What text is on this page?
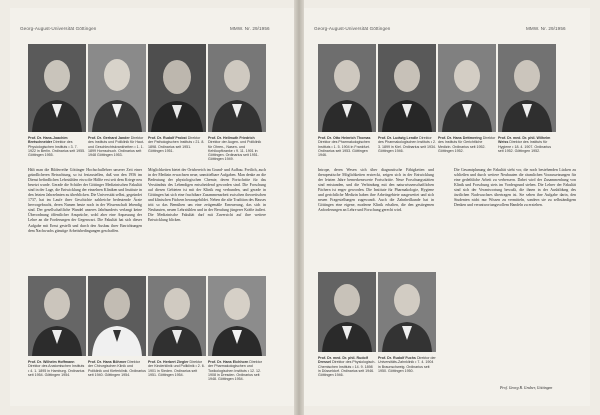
Georg-August-Universität Göttingen	MMW. Nr. 29/1956
Prof. Dr. Hans-Joachim Bretschneider Direktor des Physiologischen Instituts • 3. 7. 1922 in Berlin. Ordinarius seit 1955. Göttingen 1955.
Prof. Dr. Gerhard Jander Direktor des Instituts und Poliklinik für Haut- und Geschlechtskrankheiten • 1. 1. 1899 Hornschuch. Ordinarius seit 1948 Göttingen 1953.
Prof. Dr. Rudolf Probst Direktor der Pathologischen Instituts • 21. 8. 1898. Ordinarius seit 1951. Göttingen 1951.
Prof. Dr. Hellmuth Friedrich Direktor der Augen- und Poliklinik für Ohren-, Nasen- und Kehlkopfkranke • 9. 11. 1901 in Göttingen. Ordinarius seit 1951. Göttingen 1949.

Hält man die Bilderreihe Göttinger Hochschullehrer unserer Zeit einer gründlicheren Betrachtung, so ist festzustellen, daß von den 1956 im Dienst befindlichen Lehrstühlen etwa die Hälfte erst seit dem Kriege neu besetzt wurde. Gerade die Schüler der Göttinger Medizinischen Fakultät sind in der Lage, die Entwicklung der einzelnen Kliniken und Institute in den letzten Jahrzehnten zu überblicken. Die Universität selbst, gegründet 1737, hat im Laufe ihrer Geschichte zahlreiche bedeutende Ärzte hervorgebracht, deren Namen heute noch in der Wissenschaft lebendig sind. Der gesellschaftliche Wandel unseres Jahrhunderts verlangt keine Überordnung öffentlicher Ansprüche, wohl aber eine Anpassung der Lehre an die Forderungen der Gegenwart. Die Fakultät hat sich dieser Aufgabe mit Ernst gestellt und durch den Ausbau ihrer Einrichtungen dem Nachwuchs günstige Arbeitsbedingungen geschaffen.

Möglichkeiten bietet der Ortsbereich im Grund- und Aufbau. Freilich, auch in der Medizin erwachsen neue, unmittelbare Aufgaben. Man denke an die Bedeutung der physiologischen Chemie, deren Fortschritte für das Verständnis des Lebendigen entscheidend geworden sind. Die Forschung auf diesen Gebieten ist mit der Klinik eng verbunden, und gerade in Göttingen hat sich eine fruchtbare Zusammenarbeit zwischen theoretischen und klinischen Fächern herausgebildet. Neben die alte Tradition des Hauses tritt so das Bemühen um eine zeitgemäße Erneuerung, das sich in Neubauten, neuen Lehrstühlen und in der Berufung jüngerer Kräfte äußert. Die Medizinische Fakultät darf mit Zuversicht auf ihre weitere Entwicklung blicken.

Prof. Dr. Wilhelm Hoffmann Direktor des Anatomischen Instituts • 4. 1. 1895 in Hamburg. Ordinarius seit 1954. Göttingen 1954.
Prof. Dr. Hans Böhmer Direktor der Chirurgischen Klinik und Poliklinik und Kieferklinik. Ordinarius seit 1940. Göttingen 1954.
Prof. Dr. Herbert Ziegler Direktor der Kinderklinik und Poliklinik • 2. 6. 1901 in Sieden. Ordinarius seit 1951. Göttingen 1954.
Prof. Dr. Hans Eichhorn Direktor der Pharmakologischen und Toxikologischen Instituts • 12. 12. 1908 in Dresden. Ordinarius seit 1948. Göttingen 1954.
Georg-August-Universität Göttingen	MMW. Nr. 29/1956
Prof. Dr. Otto Heinrich Thomas Direktor des Pharmakologischen Instituts • 1. 5. 1904 in Frankfurt. Ordinarius seit 1953. Göttingen 1946.
Prof. Dr. Ludwig Lendle Direktor des Pharmakologischen Instituts • 2. 3. 1899 in Kiel. Ordinarius seit 1934. Göttingen 1946.
Prof. Dr. Hans Dettmering Direktor des Instituts für Gerichtliche Medizin. Ordinarius seit 1952. Göttingen 1952.
Prof. Dr. med. Dr. phil. Wilhelm Weiss Direktor des Instituts für Hygiene • 18. 4. 1907. Ordinarius seit 1952. Göttingen 1952.

Intrope, deren Wesen sich über diagnostische Fähigkeiten und therapeutische Möglichkeiten erstreckt, zeigen sich in der Entwicklung der letzten Jahre bemerkenswerte Fortschritte. Neue Forschungsstätten sind entstanden, und die Verbindung mit den naturwissenschaftlichen Fächern ist enger geworden. Die Institute für Pharmakologie, Hygiene und gerichtliche Medizin haben ihre Arbeitsgebiete ausgeweitet und sich neuen Fragestellungen zugewandt. Auch die Zahnheilkunde hat in Göttingen eine eigene, moderne Klinik erhalten, die den gestiegenen Anforderungen an Lehre und Forschung gerecht wird.

Prof. Dr. med. Dr. phil. Rudolf Dressel Direktor des Physiologisch-Chemischen Instituts • 14. 9. 1898 in Düsseldorf. Ordinarius seit 1946. Göttingen 1946.
Prof. Dr. Rudolf Fuchs Direktor der Universitäts-Zahnklinik • 7. 4. 1904 in Braunschweig. Ordinarius seit 1950. Göttingen 1950.

Die Gesamtplanung der Fakultät sieht vor, die noch bestehenden Lücken zu schließen und durch weitere Neubauten die räumlichen Voraussetzungen für eine gedeihliche Arbeit zu verbessern. Dabei wird der Zusammenhang von Klinik und Forschung stets im Vordergrund stehen. Die Lehrer der Fakultät sind sich der Verantwortung bewußt, die ihnen in der Ausbildung des ärztlichen Nachwuchses übertragen ist. Sie sehen ihre Aufgabe darin, den Studenten nicht nur Wissen zu vermitteln, sondern sie zu selbständigem Denken und verantwortungsvollem Handeln zu erziehen.

Prof. Georg B. Gruber, Göttingen
